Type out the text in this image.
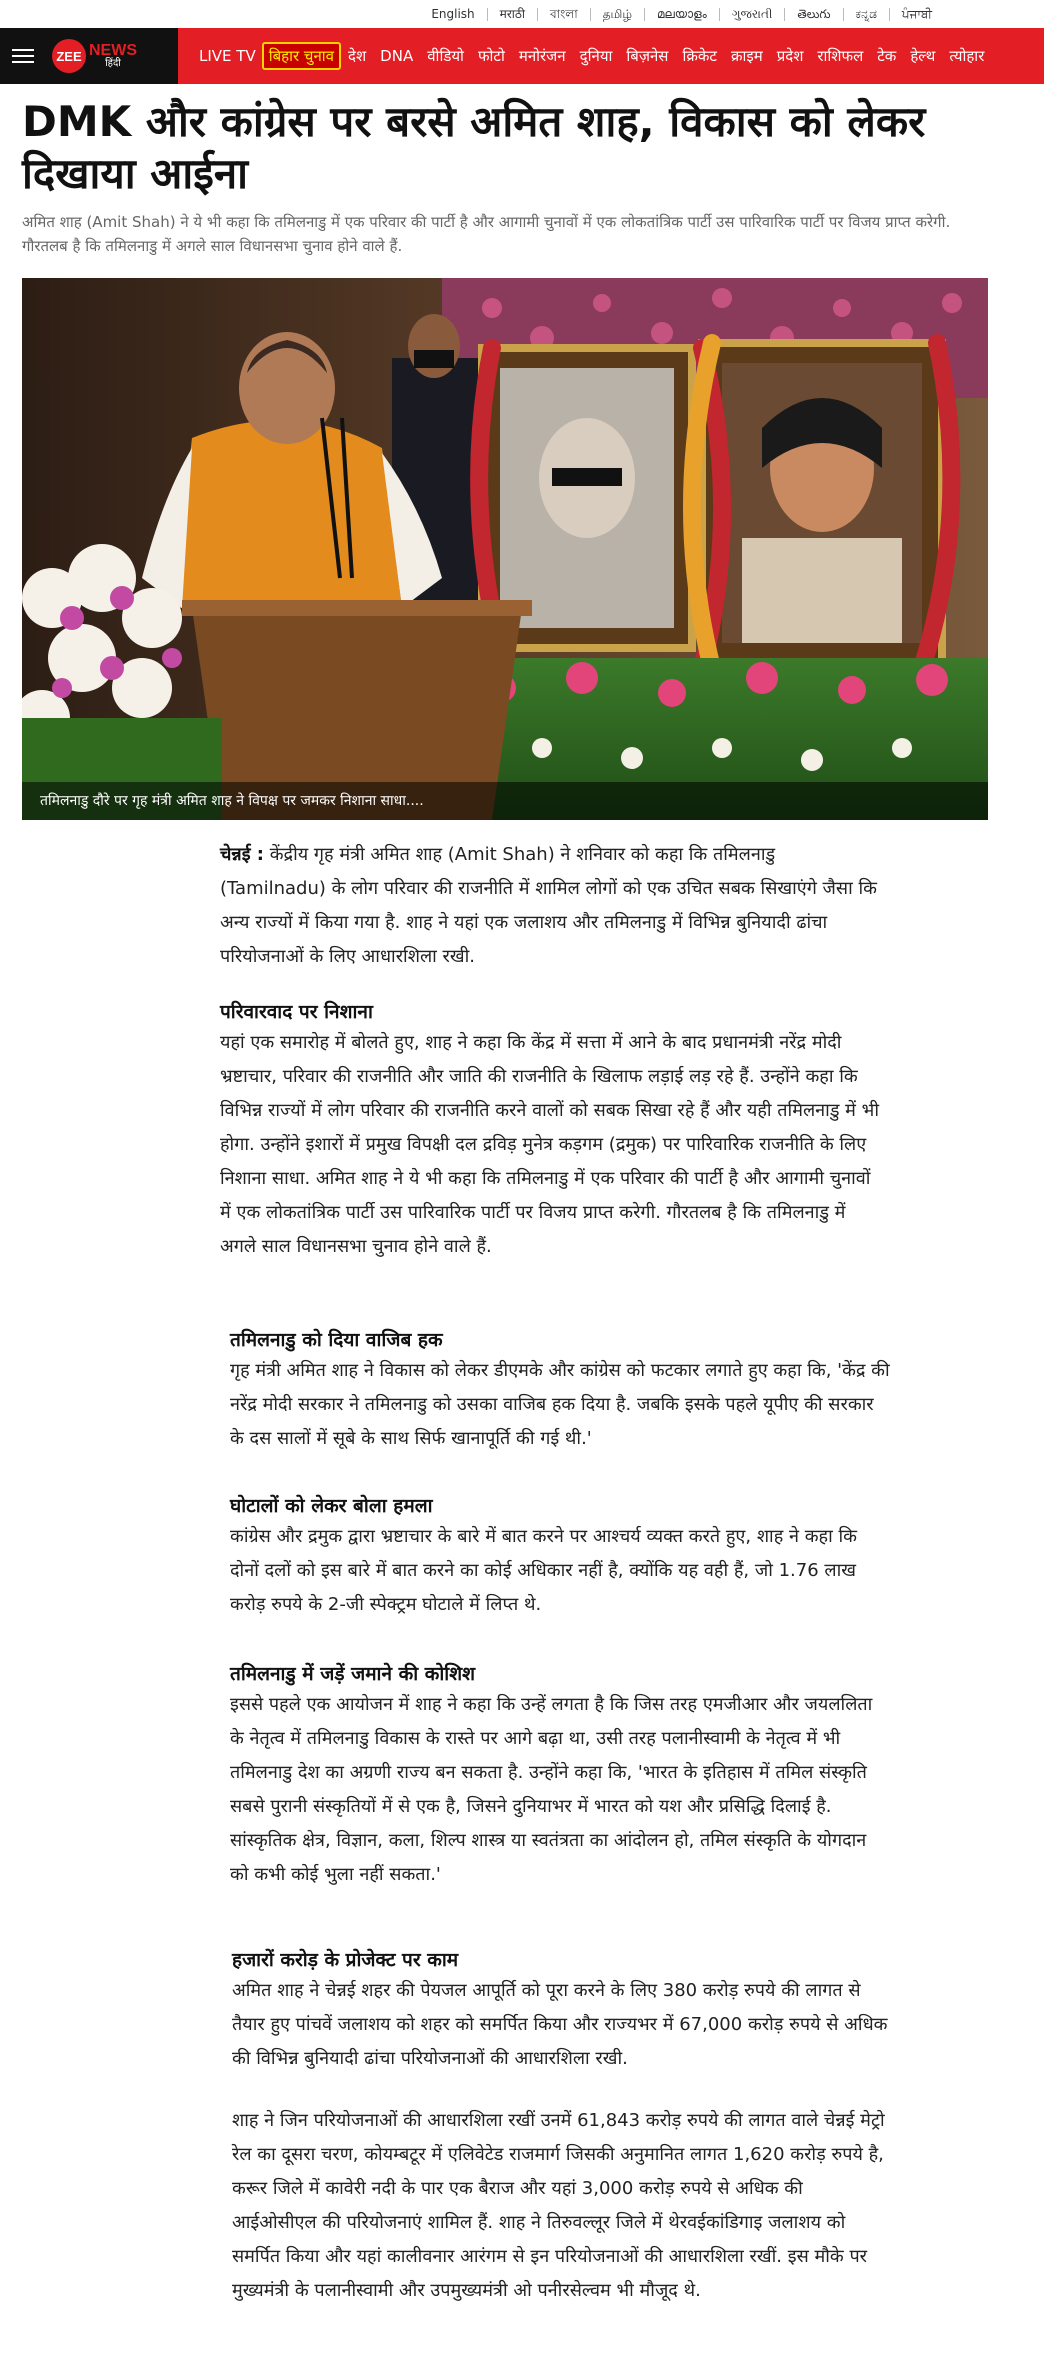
English	मराठी	বাংলা	தமிழ்	മലയാളം	ગુજરાતી	తెలుగు	ಕನ್ನಡ	ਪੰਜਾਬੀ
ZEE NEWS
हिंदी	LIVE TV बिहार चुनाव देश DNA वीडियो फोटो मनोरंजन दुनिया बिज़नेस क्रिकेट क्राइम प्रदेश राशिफल टेक हेल्थ त्योहार
DMK और कांग्रेस पर बरसे अमित शाह, विकास को लेकर दिखाया आईना

अमित शाह (Amit Shah) ने ये भी कहा कि तमिलनाडु में एक परिवार की पार्टी है और आगामी चुनावों में एक लोकतांत्रिक पार्टी उस पारिवारिक पार्टी पर विजय प्राप्त करेगी. गौरतलब है कि तमिलनाडु में अगले साल विधानसभा चुनाव होने वाले हैं.

तमिलनाडु दौरे पर गृह मंत्री अमित शाह ने विपक्ष पर जमकर निशाना साधा....

चेन्नई : केंद्रीय गृह मंत्री अमित शाह (Amit Shah) ने शनिवार को कहा कि तमिलनाडु (Tamilnadu) के लोग परिवार की राजनीति में शामिल लोगों को एक उचित सबक सिखाएंगे जैसा कि अन्य राज्यों में किया गया है. शाह ने यहां एक जलाशय और तमिलनाडु में विभिन्न बुनियादी ढांचा परियोजनाओं के लिए आधारशिला रखी.

परिवारवाद पर निशाना

यहां एक समारोह में बोलते हुए, शाह ने कहा कि केंद्र में सत्ता में आने के बाद प्रधानमंत्री नरेंद्र मोदी भ्रष्टाचार, परिवार की राजनीति और जाति की राजनीति के खिलाफ लड़ाई लड़ रहे हैं. उन्होंने कहा कि विभिन्न राज्यों में लोग परिवार की राजनीति करने वालों को सबक सिखा रहे हैं और यही तमिलनाडु में भी होगा. उन्होंने इशारों में प्रमुख विपक्षी दल द्रविड़ मुनेत्र कड़गम (द्रमुक) पर पारिवारिक राजनीति के लिए निशाना साधा. अमित शाह ने ये भी कहा कि तमिलनाडु में एक परिवार की पार्टी है और आगामी चुनावों में एक लोकतांत्रिक पार्टी उस पारिवारिक पार्टी पर विजय प्राप्त करेगी. गौरतलब है कि तमिलनाडु में अगले साल विधानसभा चुनाव होने वाले हैं.

तमिलनाडु को दिया वाजिब हक

गृह मंत्री अमित शाह ने विकास को लेकर डीएमके और कांग्रेस को फटकार लगाते हुए कहा कि, 'केंद्र की नरेंद्र मोदी सरकार ने तमिलनाडु को उसका वाजिब हक दिया है. जबकि इसके पहले यूपीए की सरकार के दस सालों में सूबे के साथ सिर्फ खानापूर्ति की गई थी.'

घोटालों को लेकर बोला हमला

कांग्रेस और द्रमुक द्वारा भ्रष्टाचार के बारे में बात करने पर आश्चर्य व्यक्त करते हुए, शाह ने कहा कि दोनों दलों को इस बारे में बात करने का कोई अधिकार नहीं है, क्योंकि यह वही हैं, जो 1.76 लाख करोड़ रुपये के 2-जी स्पेक्ट्रम घोटाले में लिप्त थे.

तमिलनाडु में जड़ें जमाने की कोशिश

इससे पहले एक आयोजन में शाह ने कहा कि उन्हें लगता है कि जिस तरह एमजीआर और जयललिता के नेतृत्व में तमिलनाडु विकास के रास्ते पर आगे बढ़ा था, उसी तरह पलानीस्वामी के नेतृत्व में भी तमिलनाडु देश का अग्रणी राज्य बन सकता है. उन्होंने कहा कि, 'भारत के इतिहास में तमिल संस्कृति सबसे पुरानी संस्कृतियों में से एक है, जिसने दुनियाभर में भारत को यश और प्रसिद्धि दिलाई है. सांस्कृतिक क्षेत्र, विज्ञान, कला, शिल्प शास्त्र या स्वतंत्रता का आंदोलन हो, तमिल संस्कृति के योगदान को कभी कोई भुला नहीं सकता.'

हजारों करोड़ के प्रोजेक्ट पर काम

अमित शाह ने चेन्नई शहर की पेयजल आपूर्ति को पूरा करने के लिए 380 करोड़ रुपये की लागत से तैयार हुए पांचवें जलाशय को शहर को समर्पित किया और राज्यभर में 67,000 करोड़ रुपये से अधिक की विभिन्न बुनियादी ढांचा परियोजनाओं की आधारशिला रखी.

शाह ने जिन परियोजनाओं की आधारशिला रखीं उनमें 61,843 करोड़ रुपये की लागत वाले चेन्नई मेट्रो रेल का दूसरा चरण, कोयम्बटूर में एलिवेटेड राजमार्ग जिसकी अनुमानित लागत 1,620 करोड़ रुपये है, करूर जिले में कावेरी नदी के पार एक बैराज और यहां 3,000 करोड़ रुपये से अधिक की आईओसीएल की परियोजनाएं शामिल हैं. शाह ने तिरुवल्लूर जिले में थेरवईकांडिगाइ जलाशय को समर्पित किया और यहां कालीवनार आरंगम से इन परियोजनाओं की आधारशिला रखीं. इस मौके पर मुख्यमंत्री के पलानीस्वामी और उपमुख्यमंत्री ओ पनीरसेल्वम भी मौजूद थे.
